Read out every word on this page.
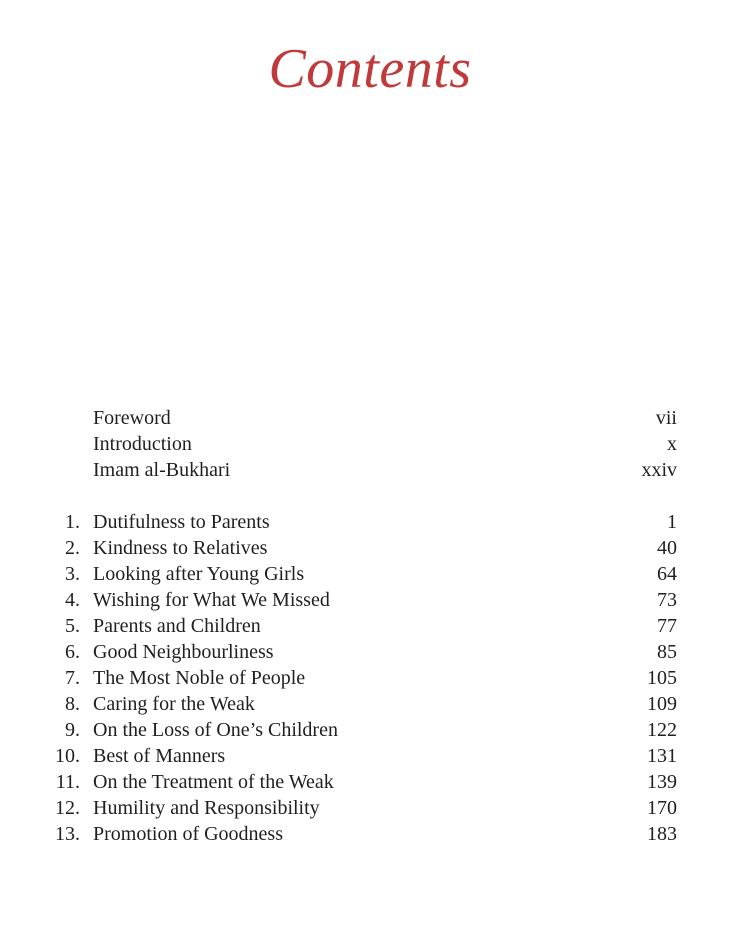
Contents
Foreword	vii
Introduction	x
Imam al-Bukhari	xxiv
1. Dutifulness to Parents	1
2. Kindness to Relatives	40
3. Looking after Young Girls	64
4. Wishing for What We Missed	73
5. Parents and Children	77
6. Good Neighbourliness	85
7. The Most Noble of People	105
8. Caring for the Weak	109
9. On the Loss of One’s Children	122
10. Best of Manners	131
11. On the Treatment of the Weak	139
12. Humility and Responsibility	170
13. Promotion of Goodness	183
